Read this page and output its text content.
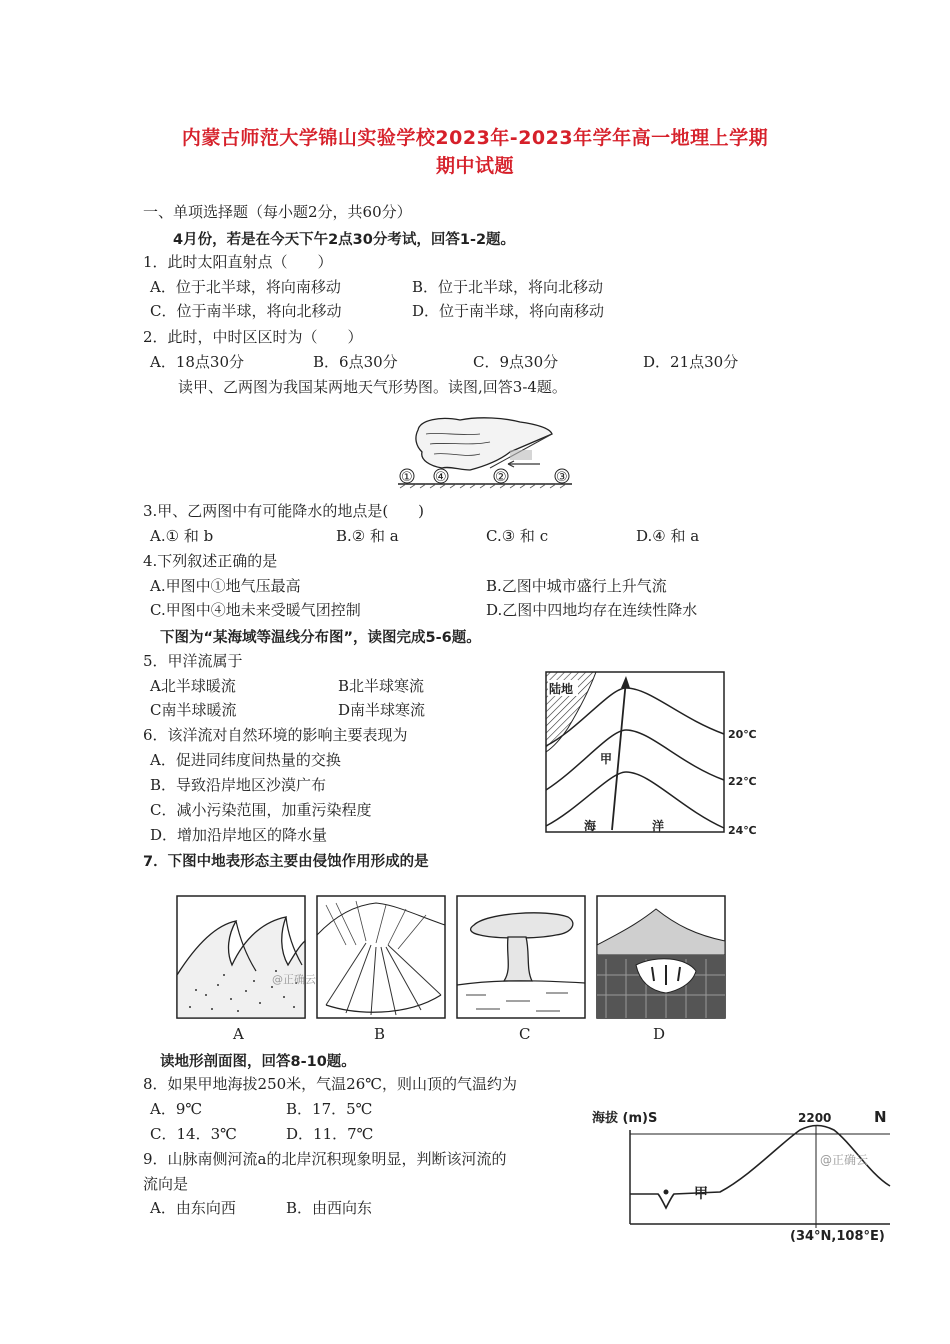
内蒙古师范大学锦山实验学校2023年-2023年学年高一地理上学期
期中试题
一、单项选择题（每小题2分，共60分）
4月份，若是在今天下午2点30分考试，回答1-2题。
1．此时太阳直射点（　　）
A．位于北半球，将向南移动	B．位于北半球，将向北移动
C．位于南半球，将向北移动	D．位于南半球，将向南移动
2．此时，中时区区时为（　　）
A．18点30分	B．6点30分	C．9点30分	D．21点30分
读甲、乙两图为我国某两地天气形势图。读图,回答3-4题。
① ④	②	③
3.甲、乙两图中有可能降水的地点是(　　)
A.① 和 b	B.② 和 a	C.③ 和 c	D.④ 和 a
4.下列叙述正确的是
A.甲图中①地气压最高	B.乙图中城市盛行上升气流
C.甲图中④地未来受暖气团控制	D.乙图中四地均存在连续性降水
下图为“某海域等温线分布图”，读图完成5-6题。
5．甲洋流属于
A北半球暖流	B北半球寒流
C南半球暖流	D南半球寒流
6．该洋流对自然环境的影响主要表现为
A．促进同纬度间热量的交换
B．导致沿岸地区沙漠广布
C．减小污染范围，加重污染程度
D．增加沿岸地区的降水量
陆地
甲
海	洋
20℃
22℃
24℃
7．下图中地表形态主要由侵蚀作用形成的是
@正确云
A	B	C	D
读地形剖面图，回答8-10题。
8．如果甲地海拔250米，气温26℃，则山顶的气温约为
A．9℃	B．17．5℃
C．14．3℃	D．11．7℃
9．山脉南侧河流a的北岸沉积现象明显，判断该河流的
流向是
A．由东向西	B．由西向东
海拔 (m)S	N
2200
甲
@正确云
(34°N,108°E)
